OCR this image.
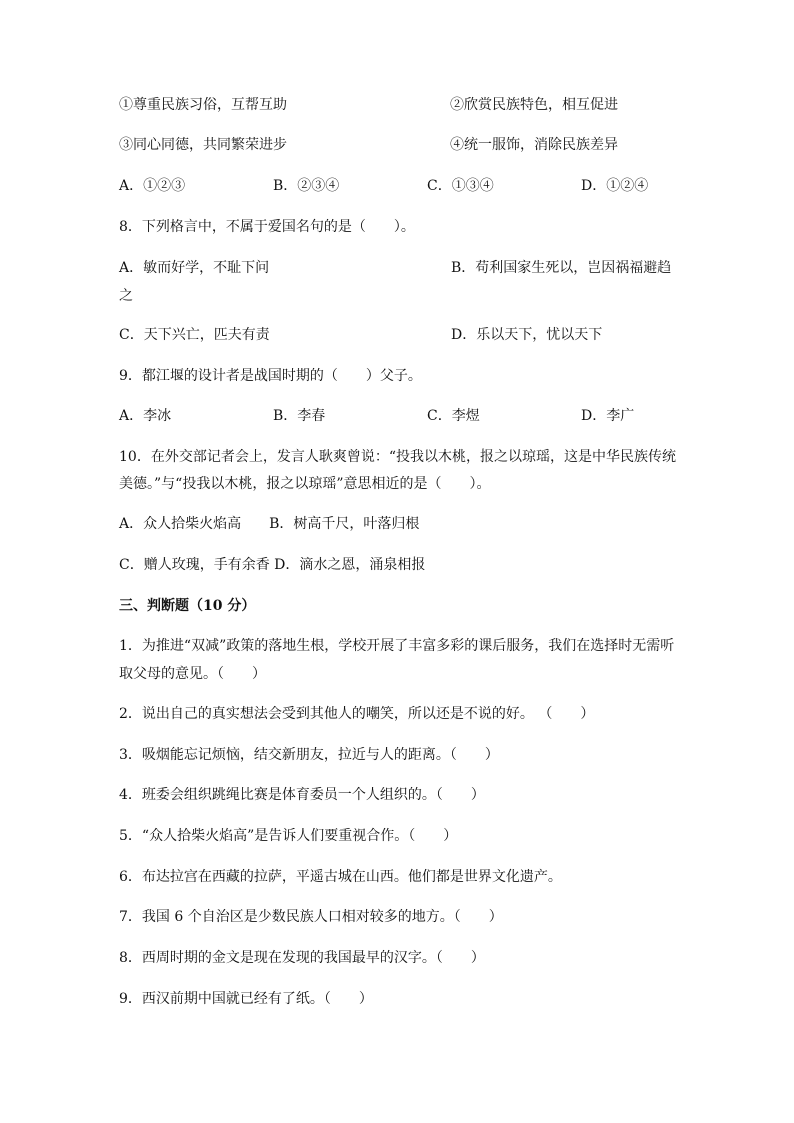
①尊重民族习俗，互帮互助	②欣赏民族特色，相互促进
③同心同德，共同繁荣进步	④统一服饰，消除民族差异
A．①②③	B．②③④	C．①③④	D．①②④
8．下列格言中，不属于爱国名句的是（　　）。
A．敏而好学，不耻下问	B．苟利国家生死以，岂因祸福避趋
之
C．天下兴亡，匹夫有责	D．乐以天下，忧以天下
9．都江堰的设计者是战国时期的（　　）父子。
A．李冰	B．李春	C．李煜	D．李广
10．在外交部记者会上，发言人耿爽曾说：“投我以木桃，报之以琼瑶，这是中华民族传统
美德。”与“投我以木桃，报之以琼瑶”意思相近的是（　　）。
A．众人拾柴火焰高　　B．树高千尺，叶落归根
C．赠人玫瑰，手有余香 D．滴水之恩，涌泉相报
三、判断题（10 分）
1．为推进“双减”政策的落地生根，学校开展了丰富多彩的课后服务，我们在选择时无需听取父母的意见。（　　）
2．说出自己的真实想法会受到其他人的嘲笑，所以还是不说的好。 （　　）
3．吸烟能忘记烦恼，结交新朋友，拉近与人的距离。（　　）
4．班委会组织跳绳比赛是体育委员一个人组织的。（　　）
5．“众人拾柴火焰高”是告诉人们要重视合作。（　　）
6．布达拉宫在西藏的拉萨，平遥古城在山西。他们都是世界文化遗产。
7．我国 6 个自治区是少数民族人口相对较多的地方。（　　）
8．西周时期的金文是现在发现的我国最早的汉字。（　　）
9．西汉前期中国就已经有了纸。（　　）
